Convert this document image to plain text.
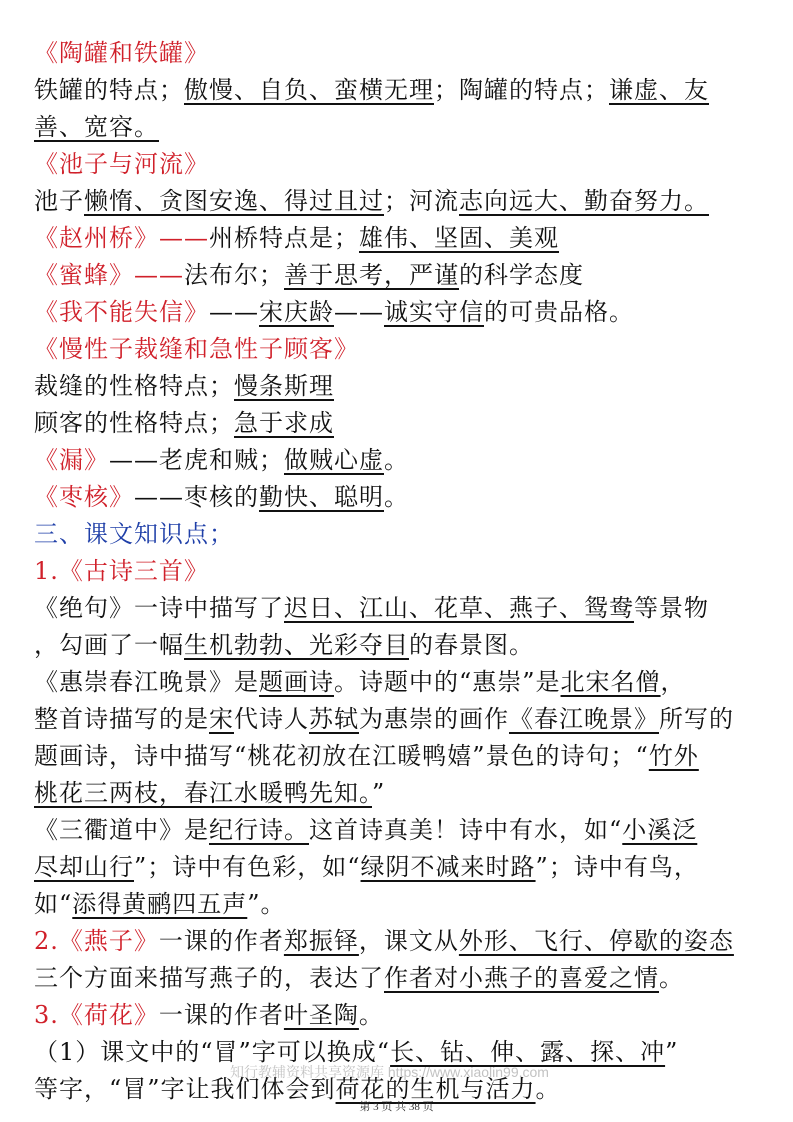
《陶罐和铁罐》
铁罐的特点；傲慢、自负、蛮横无理；陶罐的特点；谦虚、友
善、宽容。
《池子与河流》
池子懒惰、贪图安逸、得过且过；河流志向远大、勤奋努力。
《赵州桥》——州桥特点是；雄伟、坚固、美观
《蜜蜂》——法布尔；善于思考，严谨的科学态度
《我不能失信》——宋庆龄——诚实守信的可贵品格。
《慢性子裁缝和急性子顾客》
裁缝的性格特点；慢条斯理
顾客的性格特点；急于求成
《漏》——老虎和贼；做贼心虚。
《枣核》——枣核的勤快、聪明。
三、课文知识点；
1.《古诗三首》
《绝句》一诗中描写了迟日、江山、花草、燕子、鸳鸯等景物
，勾画了一幅生机勃勃、光彩夺目的春景图。
《惠崇春江晚景》是题画诗。诗题中的“惠崇”是北宋名僧，
整首诗描写的是宋代诗人苏轼为惠崇的画作《春江晚景》所写的
题画诗，诗中描写“桃花初放在江暖鸭嬉”景色的诗句；“竹外
桃花三两枝，春江水暖鸭先知。”
《三衢道中》是纪行诗。这首诗真美！诗中有水，如“小溪泛
尽却山行”；诗中有色彩，如“绿阴不减来时路”；诗中有鸟，
如“添得黄鹂四五声”。
2.《燕子》一课的作者郑振铎，课文从外形、飞行、停歇的姿态
三个方面来描写燕子的，表达了作者对小燕子的喜爱之情。
3.《荷花》一课的作者叶圣陶。
（1）课文中的“冒”字可以换成“长、钻、伸、露、探、冲”
等字，“冒”字让我们体会到荷花的生机与活力。
知行教辅资料共享资源库 https://www.xiaolin99.com
第 3 页 共 38 页
